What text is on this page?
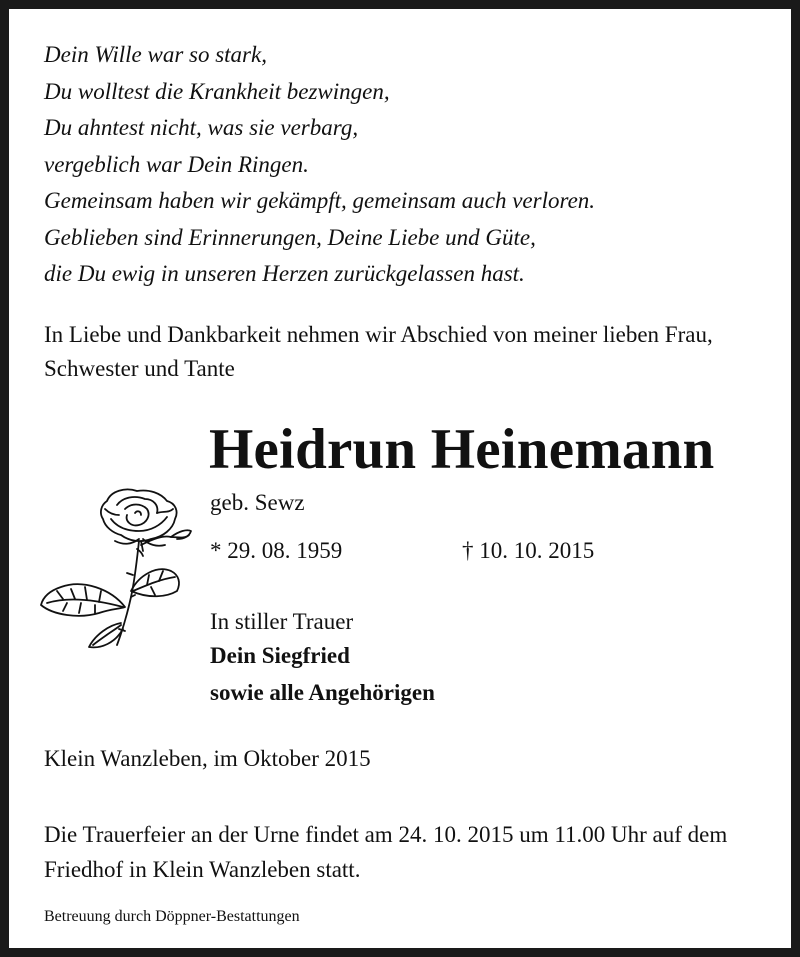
Dein Wille war so stark,
Du wolltest die Krankheit bezwingen,
Du ahntest nicht, was sie verbarg,
vergeblich war Dein Ringen.
Gemeinsam haben wir gekämpft, gemeinsam auch verloren.
Geblieben sind Erinnerungen, Deine Liebe und Güte,
die Du ewig in unseren Herzen zurückgelassen hast.
In Liebe und Dankbarkeit nehmen wir Abschied von meiner lieben Frau, Schwester und Tante
Heidrun Heinemann
geb. Sewz
* 29. 08. 1959	† 10. 10. 2015
In stiller Trauer
Dein Siegfried
sowie alle Angehörigen
Klein Wanzleben, im Oktober 2015
Die Trauerfeier an der Urne findet am 24. 10. 2015 um 11.00 Uhr auf dem Friedhof in Klein Wanzleben statt.
Betreuung durch Döppner-Bestattungen
